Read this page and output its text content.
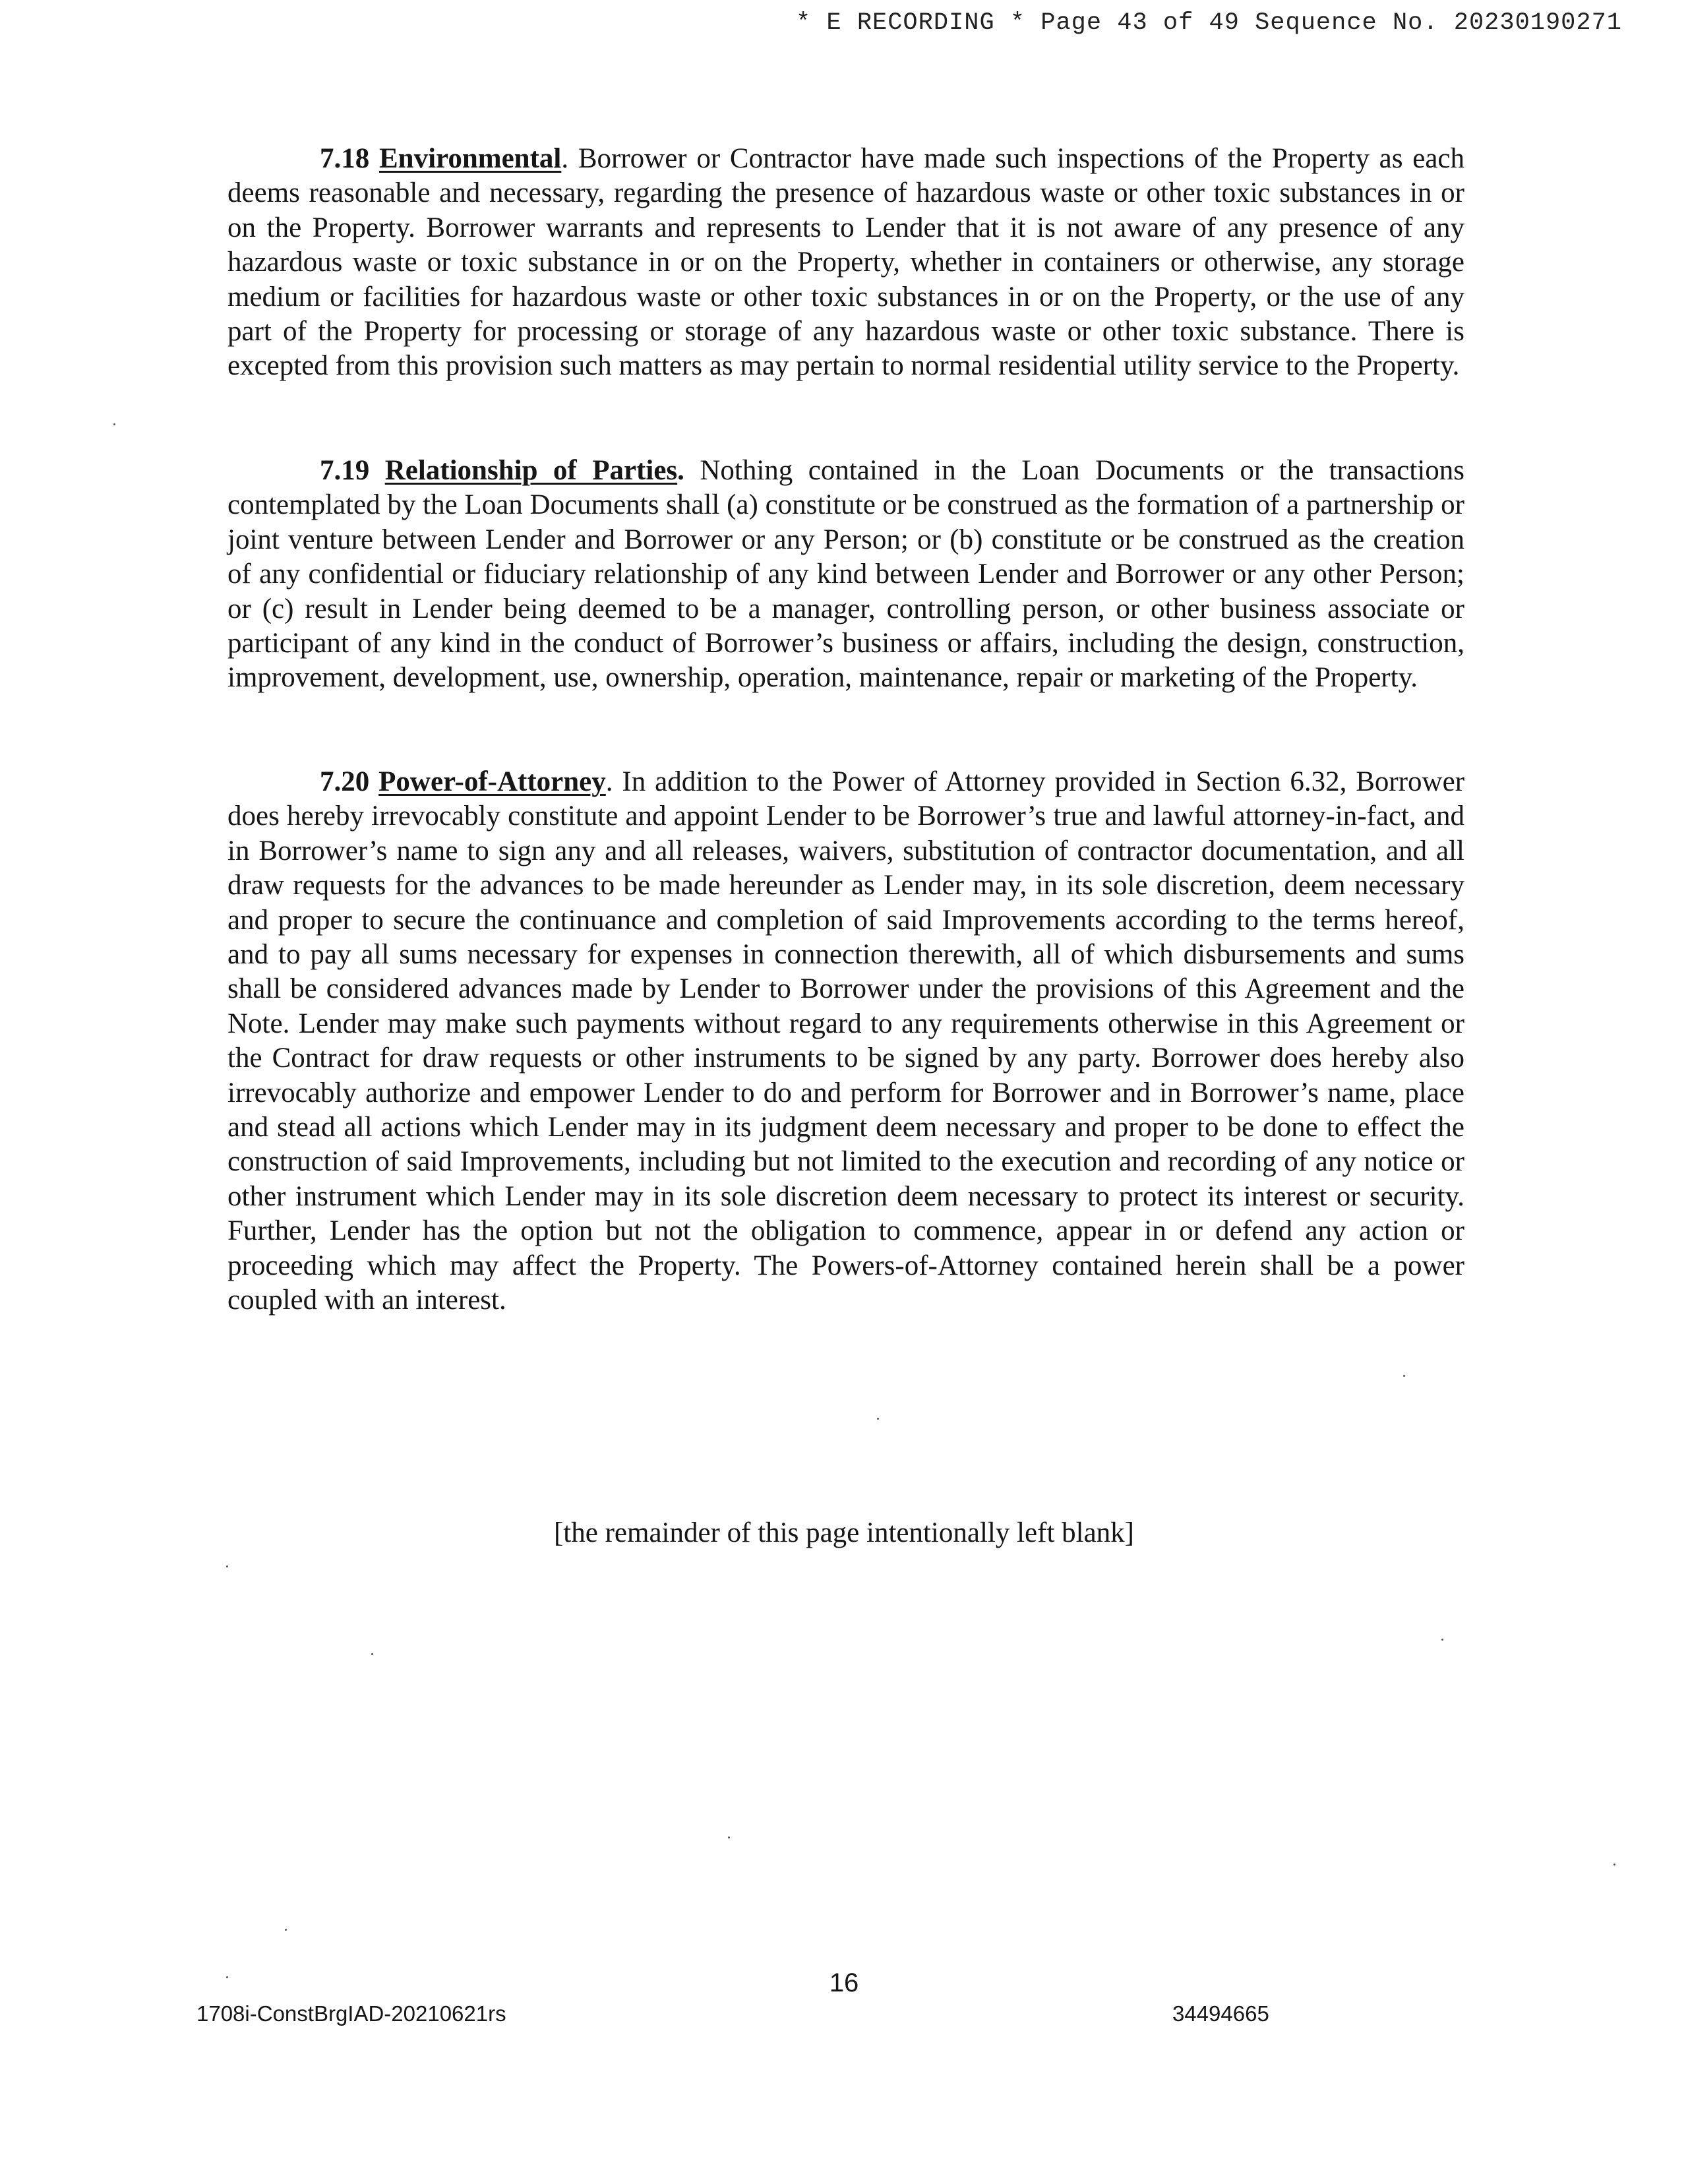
* E RECORDING * Page 43 of 49 Sequence No. 20230190271

7.18 Environmental. Borrower or Contractor have made such inspections of the Property as each deems reasonable and necessary, regarding the presence of hazardous waste or other toxic substances in or on the Property. Borrower warrants and represents to Lender that it is not aware of any presence of any hazardous waste or toxic substance in or on the Property, whether in containers or otherwise, any storage medium or facilities for hazardous waste or other toxic substances in or on the Property, or the use of any part of the Property for processing or storage of any hazardous waste or other toxic substance. There is excepted from this provision such matters as may pertain to normal residential utility service to the Property.

7.19 Relationship of Parties. Nothing contained in the Loan Documents or the transactions contemplated by the Loan Documents shall (a) constitute or be construed as the formation of a partnership or joint venture between Lender and Borrower or any Person; or (b) constitute or be construed as the creation of any confidential or fiduciary relationship of any kind between Lender and Borrower or any other Person; or (c) result in Lender being deemed to be a manager, controlling person, or other business associate or participant of any kind in the conduct of Borrower’s business or affairs, including the design, construction, improvement, development, use, ownership, operation, maintenance, repair or marketing of the Property.

7.20 Power-of-Attorney. In addition to the Power of Attorney provided in Section 6.32, Borrower does hereby irrevocably constitute and appoint Lender to be Borrower’s true and lawful attorney-in-fact, and in Borrower’s name to sign any and all releases, waivers, substitution of contractor documentation, and all draw requests for the advances to be made hereunder as Lender may, in its sole discretion, deem necessary and proper to secure the continuance and completion of said Improvements according to the terms hereof, and to pay all sums necessary for expenses in connection therewith, all of which disbursements and sums shall be considered advances made by Lender to Borrower under the provisions of this Agreement and the Note. Lender may make such payments without regard to any requirements otherwise in this Agreement or the Contract for draw requests or other instruments to be signed by any party. Borrower does hereby also irrevocably authorize and empower Lender to do and perform for Borrower and in Borrower’s name, place and stead all actions which Lender may in its judgment deem necessary and proper to be done to effect the construction of said Improvements, including but not limited to the execution and recording of any notice or other instrument which Lender may in its sole discretion deem necessary to protect its interest or security. Further, Lender has the option but not the obligation to commence, appear in or defend any action or proceeding which may affect the Property. The Powers-of-Attorney contained herein shall be a power coupled with an interest.

[the remainder of this page intentionally left blank]
16
1708i-ConstBrgIAD-20210621rs	34494665
